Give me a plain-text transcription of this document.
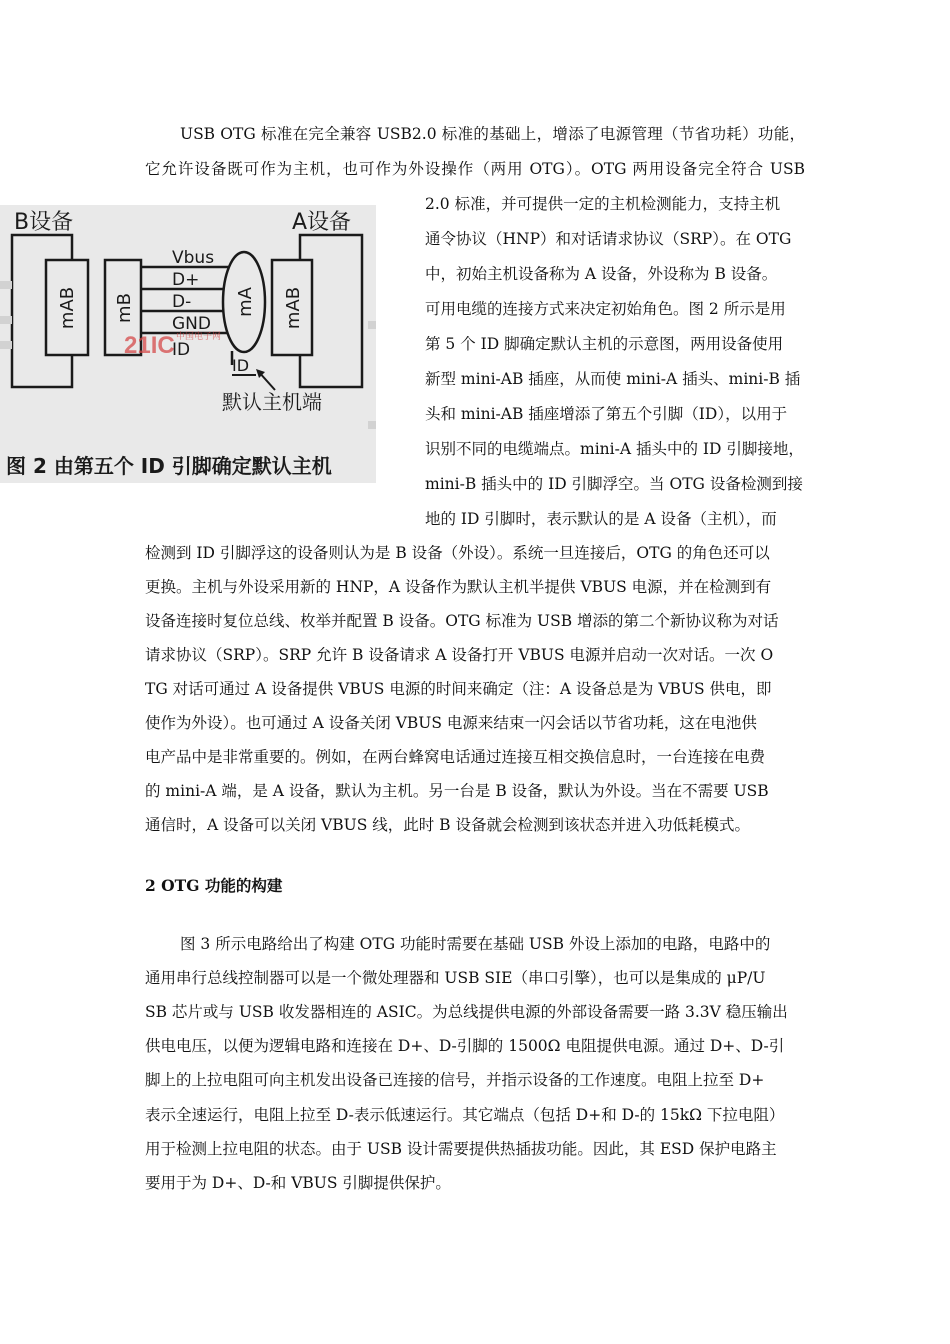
USB OTG 标准在完全兼容 USB2.0 标准的基础上，增添了电源管理（节省功耗）功能，
它允许设备既可作为主机，也可作为外设操作（两用 OTG）。OTG 两用设备完全符合 USB
mAB
B设备
mB
Vbus
D+
D-
GND
ID
mA mAB
A设备
ID
默认主机端
21IC 中国电子网
图 2 由第五个 ID 引脚确定默认主机
2.0 标准，并可提供一定的主机检测能力，支持主机
通令协议（HNP）和对话请求协议（SRP）。在 OTG
中，初始主机设备称为 A 设备，外设称为 B 设备。
可用电缆的连接方式来决定初始角色。图 2 所示是用
第 5 个 ID 脚确定默认主机的示意图，两用设备使用
新型 mini-AB 插座，从而使 mini-A 插头、mini-B 插
头和 mini-AB 插座增添了第五个引脚（ID），以用于
识别不同的电缆端点。mini-A 插头中的 ID 引脚接地，
mini-B 插头中的 ID 引脚浮空。当 OTG 设备检测到接
地的 ID 引脚时，表示默认的是 A 设备（主机），而
检测到 ID 引脚浮这的设备则认为是 B 设备（外设）。系统一旦连接后，OTG 的角色还可以
更换。主机与外设采用新的 HNP，A 设备作为默认主机半提供 VBUS 电源，并在检测到有
设备连接时复位总线、枚举并配置 B 设备。OTG 标准为 USB 增添的第二个新协议称为对话
请求协议（SRP）。SRP 允许 B 设备请求 A 设备打开 VBUS 电源并启动一次对话。一次 O
TG 对话可通过 A 设备提供 VBUS 电源的时间来确定（注：A 设备总是为 VBUS 供电，即
使作为外设）。也可通过 A 设备关闭 VBUS 电源来结束一闪会话以节省功耗，这在电池供
电产品中是非常重要的。例如，在两台蜂窝电话通过连接互相交换信息时，一台连接在电费
的 mini-A 端，是 A 设备，默认为主机。另一台是 B 设备，默认为外设。当在不需要 USB
通信时，A 设备可以关闭 VBUS 线，此时 B 设备就会检测到该状态并进入功低耗模式。
2 OTG 功能的构建
图 3 所示电路给出了构建 OTG 功能时需要在基础 USB 外设上添加的电路，电路中的
通用串行总线控制器可以是一个微处理器和 USB SIE（串口引擎），也可以是集成的 μP/U
SB 芯片或与 USB 收发器相连的 ASIC。为总线提供电源的外部设备需要一路 3.3V 稳压输出
供电电压，以便为逻辑电路和连接在 D+、D-引脚的 1500Ω 电阻提供电源。通过 D+、D-引
脚上的上拉电阻可向主机发出设备已连接的信号，并指示设备的工作速度。电阻上拉至 D+
表示全速运行，电阻上拉至 D-表示低速运行。其它端点（包括 D+和 D-的 15kΩ 下拉电阻）
用于检测上拉电阻的状态。由于 USB 设计需要提供热插拔功能。因此，其 ESD 保护电路主
要用于为 D+、D-和 VBUS 引脚提供保护。
